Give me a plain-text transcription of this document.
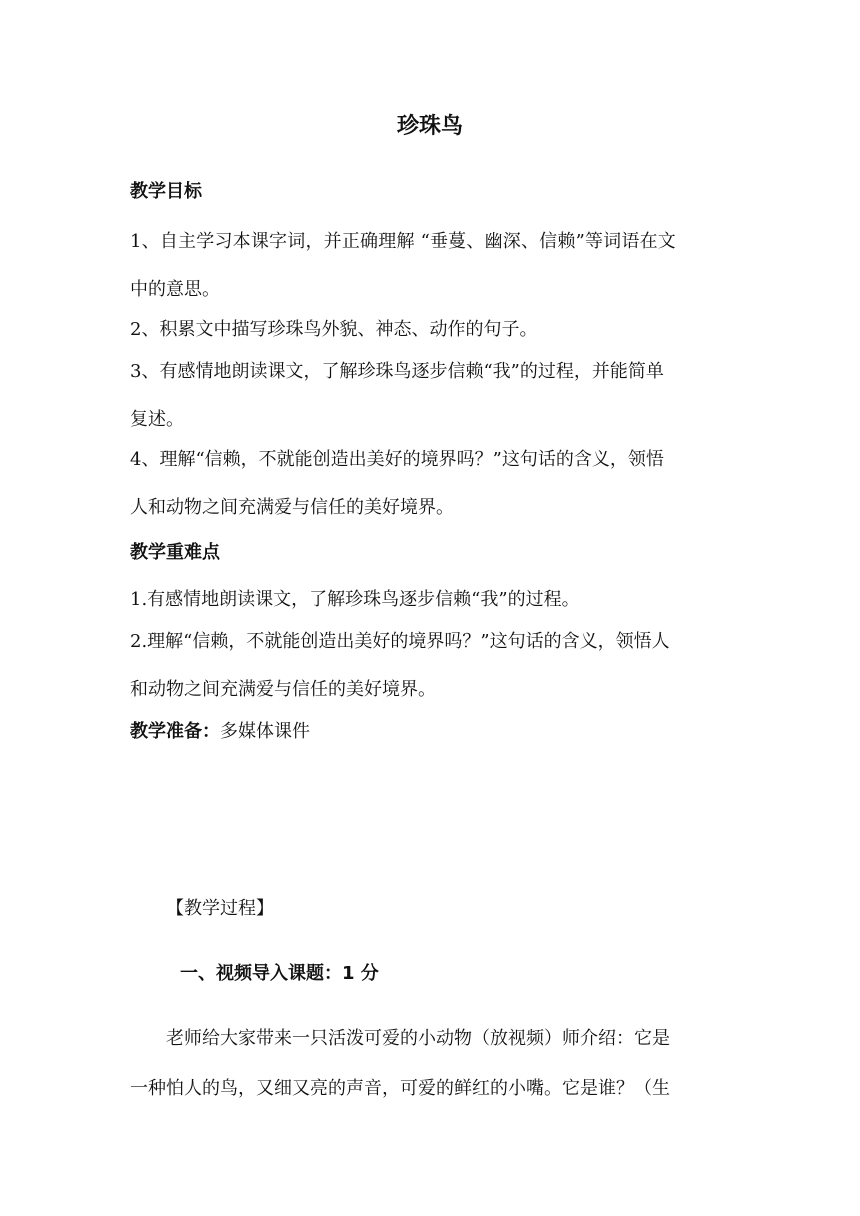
珍珠鸟
教学目标
1、自主学习本课字词，并正确理解 “垂蔓、幽深、信赖”等词语在文
中的意思。
2、积累文中描写珍珠鸟外貌、神态、动作的句子。
3、有感情地朗读课文，了解珍珠鸟逐步信赖“我”的过程，并能简单
复述。
4、理解“信赖，不就能创造出美好的境界吗？”这句话的含义，领悟
人和动物之间充满爱与信任的美好境界。
教学重难点
1.有感情地朗读课文，了解珍珠鸟逐步信赖“我”的过程。
2.理解“信赖，不就能创造出美好的境界吗？”这句话的含义，领悟人
和动物之间充满爱与信任的美好境界。
教学准备：多媒体课件
【教学过程】
一、视频导入课题：1 分
老师给大家带来一只活泼可爱的小动物（放视频）师介绍：它是
一种怕人的鸟，又细又亮的声音，可爱的鲜红的小嘴。它是谁？（生
